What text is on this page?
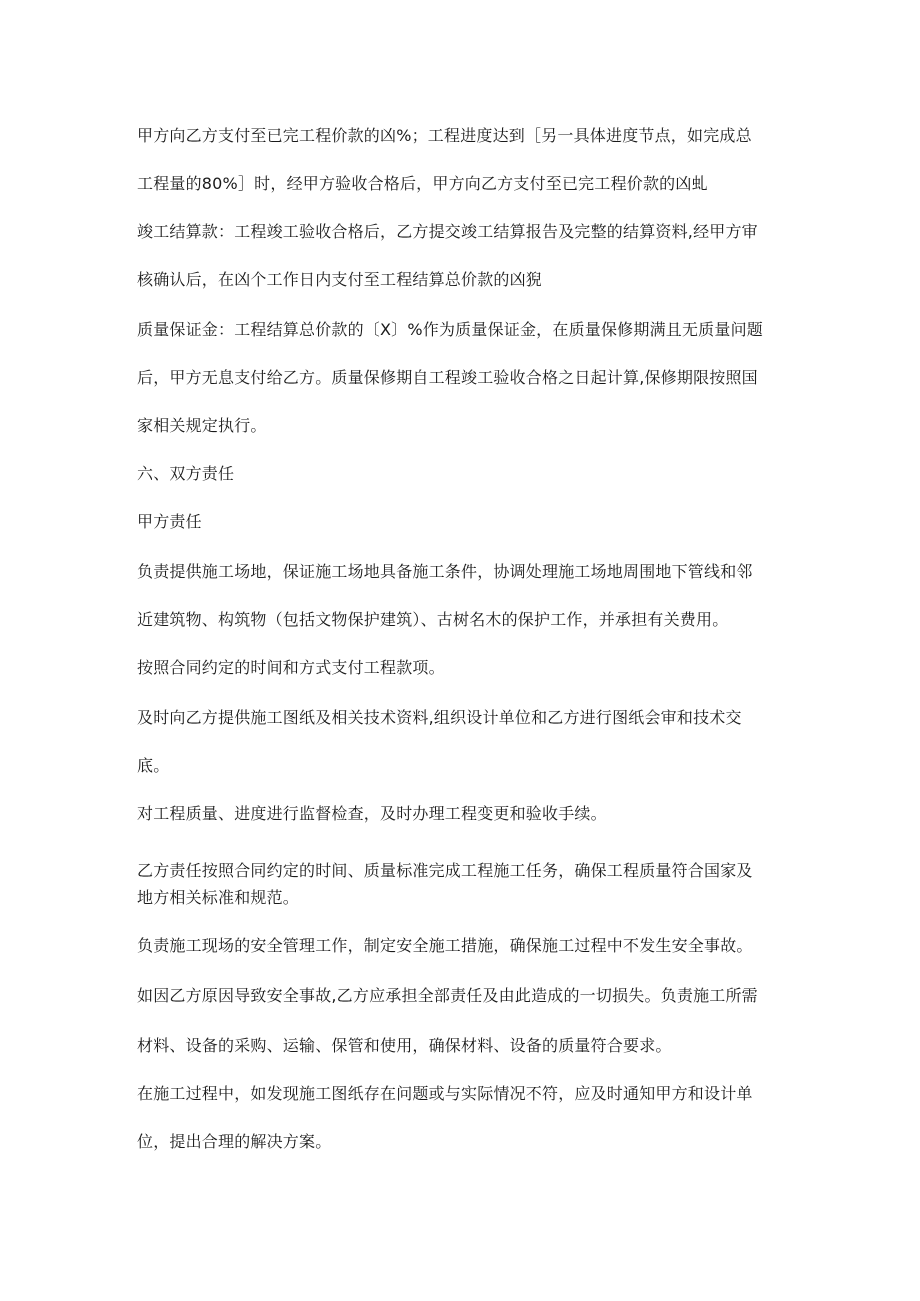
甲方向乙方支付至已完工程价款的凶%；工程进度达到［另一具体进度节点，如完成总
工程量的80%］时，经甲方验收合格后，甲方向乙方支付至已完工程价款的凶虬
竣工结算款：工程竣工验收合格后，乙方提交竣工结算报告及完整的结算资料,经甲方审
核确认后，在凶个工作日内支付至工程结算总价款的凶猊
质量保证金：工程结算总价款的〔X〕%作为质量保证金，在质量保修期满且无质量问题
后，甲方无息支付给乙方。质量保修期自工程竣工验收合格之日起计算,保修期限按照国
家相关规定执行。
六、双方责任
甲方责任
负责提供施工场地，保证施工场地具备施工条件，协调处理施工场地周围地下管线和邻
近建筑物、构筑物（包括文物保护建筑）、古树名木的保护工作，并承担有关费用。
按照合同约定的时间和方式支付工程款项。
及时向乙方提供施工图纸及相关技术资料,组织设计单位和乙方进行图纸会审和技术交
底。
对工程质量、进度进行监督检查，及时办理工程变更和验收手续。
乙方责任按照合同约定的时间、质量标准完成工程施工任务，确保工程质量符合国家及
地方相关标准和规范。
负责施工现场的安全管理工作，制定安全施工措施，确保施工过程中不发生安全事故。
如因乙方原因导致安全事故,乙方应承担全部责任及由此造成的一切损失。负责施工所需
材料、设备的采购、运输、保管和使用，确保材料、设备的质量符合要求。
在施工过程中，如发现施工图纸存在问题或与实际情况不符，应及时通知甲方和设计单
位，提出合理的解决方案。
